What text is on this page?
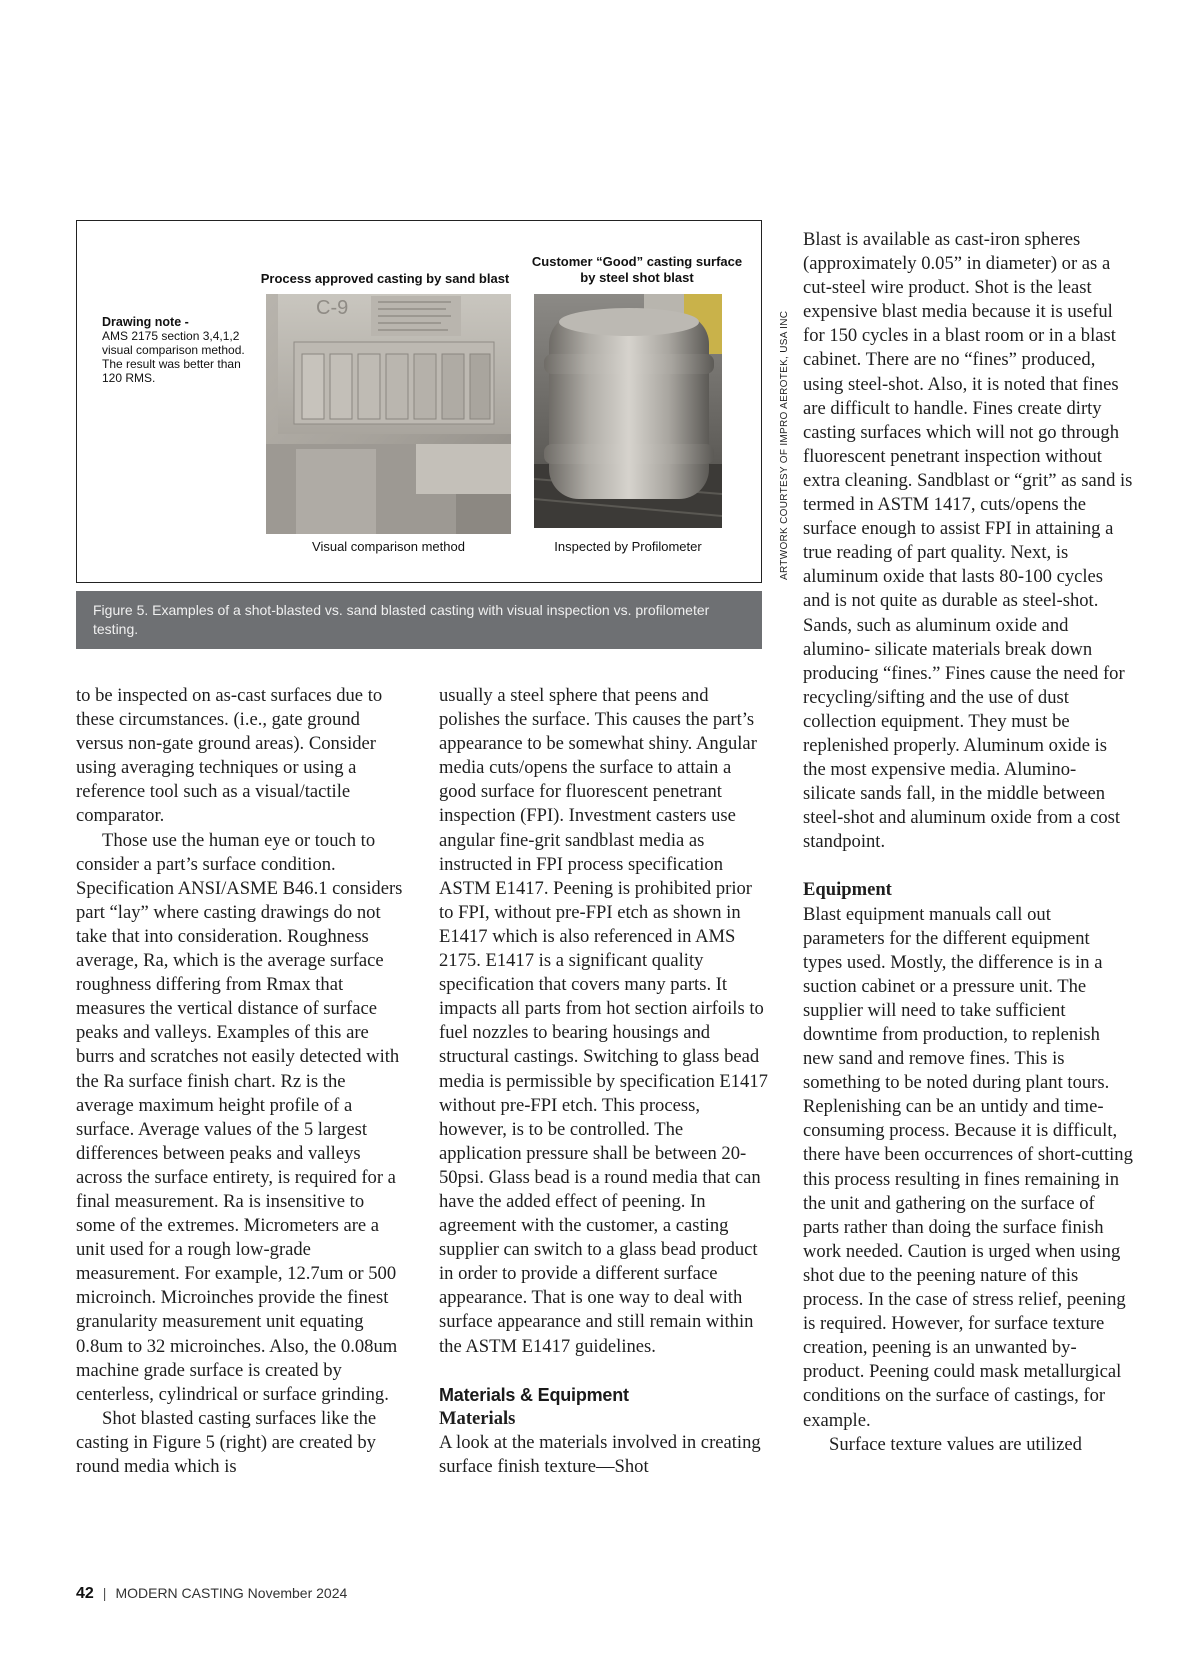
Process approved casting by sand blast
Customer “Good” casting surface
by steel shot blast
Drawing note -
AMS 2175 section 3,4,1,2
visual comparison method.
The result was better than
120 RMS.
C-9
Visual comparison method	Inspected by Profilometer	ARTWORK COURTESY OF IMPRO AEROTEK, USA INC
Figure 5. Examples of a shot-blasted vs. sand blasted casting with visual inspection vs. profilometer testing.

to be inspected on as-cast surfaces due to these circumstances. (i.e., gate ground versus non-gate ground areas). Consider using averaging techniques or using a reference tool such as a visual/tactile comparator.

Those use the human eye or touch to consider a part’s surface condition. Specification ANSI/ASME B46.1 considers part “lay” where casting drawings do not take that into consideration. Roughness average, Ra, which is the average surface roughness differing from Rmax that measures the vertical distance of surface peaks and valleys. Examples of this are burrs and scratches not easily detected with the Ra surface finish chart. Rz is the average maximum height profile of a surface. Average values of the 5 largest differences between peaks and valleys across the surface entirety, is required for a final measurement. Ra is insensitive to some of the extremes. Micrometers are a unit used for a rough low-grade measurement. For example, 12.7um or 500 microinch. Microinches provide the finest granularity measurement unit equating 0.8um to 32 microinches. Also, the 0.08um machine grade surface is created by centerless, cylindrical or surface grinding.

Shot blasted casting surfaces like the casting in Figure 5 (right) are created by round media which is

usually a steel sphere that peens and polishes the surface. This causes the part’s appearance to be somewhat shiny. Angular media cuts/opens the surface to attain a good surface for fluorescent penetrant inspection (FPI). Investment casters use angular fine-grit sandblast media as instructed in FPI process specification ASTM E1417. Peening is prohibited prior to FPI, without pre-FPI etch as shown in E1417 which is also referenced in AMS 2175. E1417 is a significant quality specification that covers many parts. It impacts all parts from hot section airfoils to fuel nozzles to bearing housings and structural castings. Switching to glass bead media is permissible by specification E1417 without pre-FPI etch. This process, however, is to be controlled. The application pressure shall be between 20-50psi. Glass bead is a round media that can have the added effect of peening. In agreement with the customer, a casting supplier can switch to a glass bead product in order to provide a different surface appearance. That is one way to deal with surface appearance and still remain within the ASTM E1417 guidelines.

Materials & Equipment
Materials

A look at the materials involved in creating surface finish texture—Shot

Blast is available as cast-iron spheres (approximately 0.05” in diameter) or as a cut-steel wire product. Shot is the least expensive blast media because it is useful for 150 cycles in a blast room or in a blast cabinet. There are no “fines” produced, using steel-shot. Also, it is noted that fines are difficult to handle. Fines create dirty casting surfaces which will not go through fluorescent penetrant inspection without extra cleaning. Sandblast or “grit” as sand is termed in ASTM 1417, cuts/opens the surface enough to assist FPI in attaining a true reading of part quality. Next, is aluminum oxide that lasts 80-100 cycles and is not quite as durable as steel-shot. Sands, such as aluminum oxide and alumino- silicate materials break down producing “fines.” Fines cause the need for recycling/sifting and the use of dust collection equipment. They must be replenished properly. Aluminum oxide is the most expensive media. Alumino- silicate sands fall, in the middle between steel-shot and aluminum oxide from a cost standpoint.

Equipment

Blast equipment manuals call out parameters for the different equipment types used. Mostly, the difference is in a suction cabinet or a pressure unit. The supplier will need to take sufficient downtime from production, to replenish new sand and remove fines. This is something to be noted during plant tours. Replenishing can be an untidy and time-consuming process. Because it is difficult, there have been occurrences of short-cutting this process resulting in fines remaining in the unit and gathering on the surface of parts rather than doing the surface finish work needed. Caution is urged when using shot due to the peening nature of this process. In the case of stress relief, peening is required. However, for surface texture creation, peening is an unwanted by- product. Peening could mask metallurgical conditions on the surface of castings, for example.

Surface texture values are utilized

42 | MODERN CASTING November 2024
